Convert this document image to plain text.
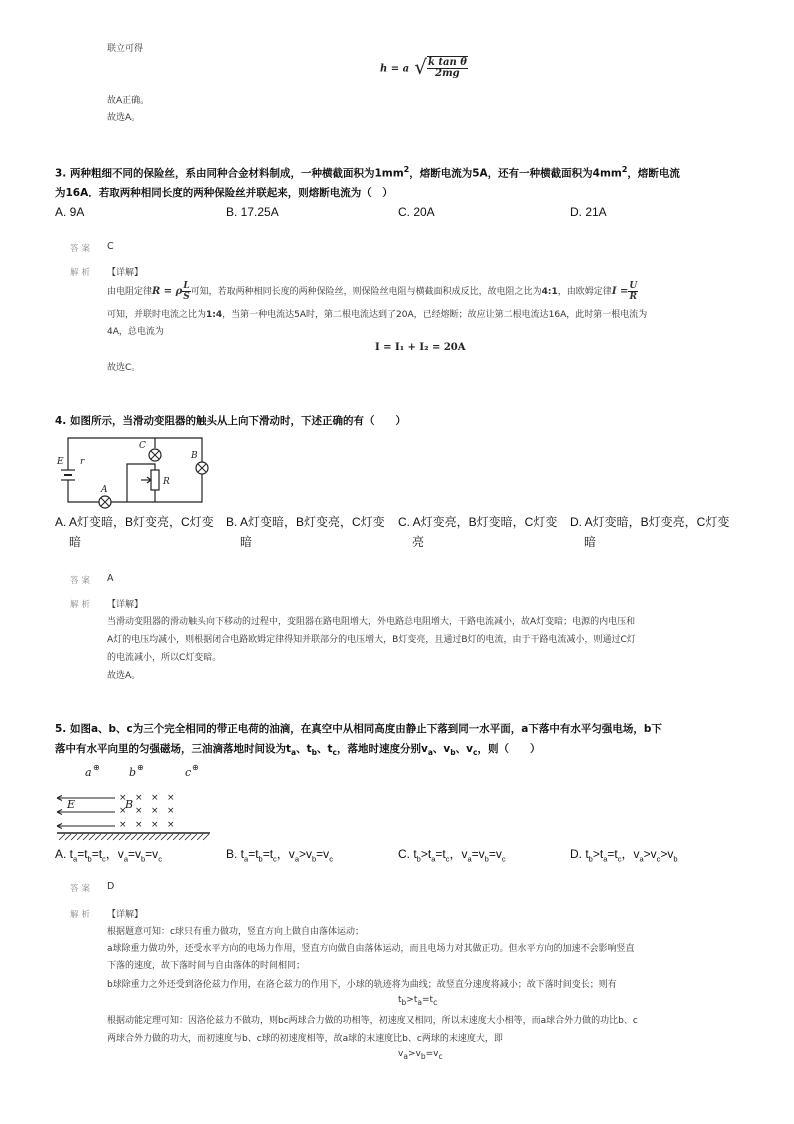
联立可得
h = a √ $\frac{\text{k tan θ}}{2mg}$
故A正确。
故选A。
3. 两种粗细不同的保险丝，系由同种合金材料制成，一种横截面积为$1mm^2$，熔断电流为5A，还有一种横截面积为$4mm^2$，熔断电流
为16A．若取两种相同长度的两种保险丝并联起来，则熔断电流为（　）
A. 9A	B. 17.25A	C. 20A	D. 21A
答案 C
解析 【详解】
由电阻定律R = ρ $\frac{L}{S}$ 可知，若取两种相同长度的两种保险丝，则保险丝电阻与横截面积成反比，故电阻之比为4:1，由欧姆定律$I = \frac{U}{R}$
可知，并联时电流之比为1:4，当第一种电流达5A时，第二根电流达到了20A，已经熔断；故应让第二根电流达16A，此时第一根电流为
4A，总电流为
I = I₁ + I₂ = 20A
故选C。
4. 如图所示，当滑动变阻器的触头从上向下滑动时，下述正确的有（　　）
E r
A
C
B
R
A. A灯变暗，B灯变亮，C灯变
暗
B. A灯变暗，B灯变亮，C灯变
暗
C. A灯变亮，B灯变暗，C灯变
亮
D. A灯变暗，B灯变亮，C灯变
暗
答案 A
解析 【详解】
当滑动变阻器的滑动触头向下移动的过程中，变阻器在路电阻增大，外电路总电阻增大，干路电流减小，故A灯变暗；电源的内电压和
A灯的电压均减小，则根据闭合电路欧姆定律得知并联部分的电压增大，B灯变亮，且通过B灯的电流，由于干路电流减小，则通过C灯
的电流减小，所以C灯变暗。
故选A。
5. 如图a、b、c为三个完全相同的带正电荷的油滴，在真空中从相同高度由静止下落到同一水平面，a下落中有水平匀强电场，b下
落中有水平向里的匀强磁场，三油滴落地时间设为$t_a$、$t_b$、$t_c$，落地时速度分别$v_a$、$v_b$、$v_c$，则（　　）
a	b	c
E	B
⊕	⊕	⊕
× × × ×
× × × ×
× × × ×
A. $t_a=t_b=t_c$，$v_a=v_b=v_c$	B. $t_a=t_b=t_c$，$v_a>v_b=v_c$	C. $t_b>t_a=t_c$，$v_a=v_b=v_c$	D. $t_b>t_a=t_c$，$v_a>v_c>v_b$
答案 D
解析 【详解】
根据题意可知：c球只有重力做功，竖直方向上做自由落体运动；
a球除重力做功外，还受水平方向的电场力作用，竖直方向做自由落体运动，而且电场力对其做正功。但水平方向的加速不会影响竖直
下落的速度，故下落时间与自由落体的时间相同；
b球除重力之外还受到洛伦兹力作用，在洛仑兹力的作用下，小球的轨迹将为曲线；故竖直分速度将减小；故下落时间变长；则有
$t_b>t_a=t_c$
根据动能定理可知：因洛伦兹力不做功，则bc两球合力做的功相等，初速度又相同，所以末速度大小相等，而a球合外力做的功比b、c
两球合外力做的功大，而初速度与b、c球的初速度相等，故a球的末速度比b、c两球的末速度大，即
$v_a>v_b=v_c$
